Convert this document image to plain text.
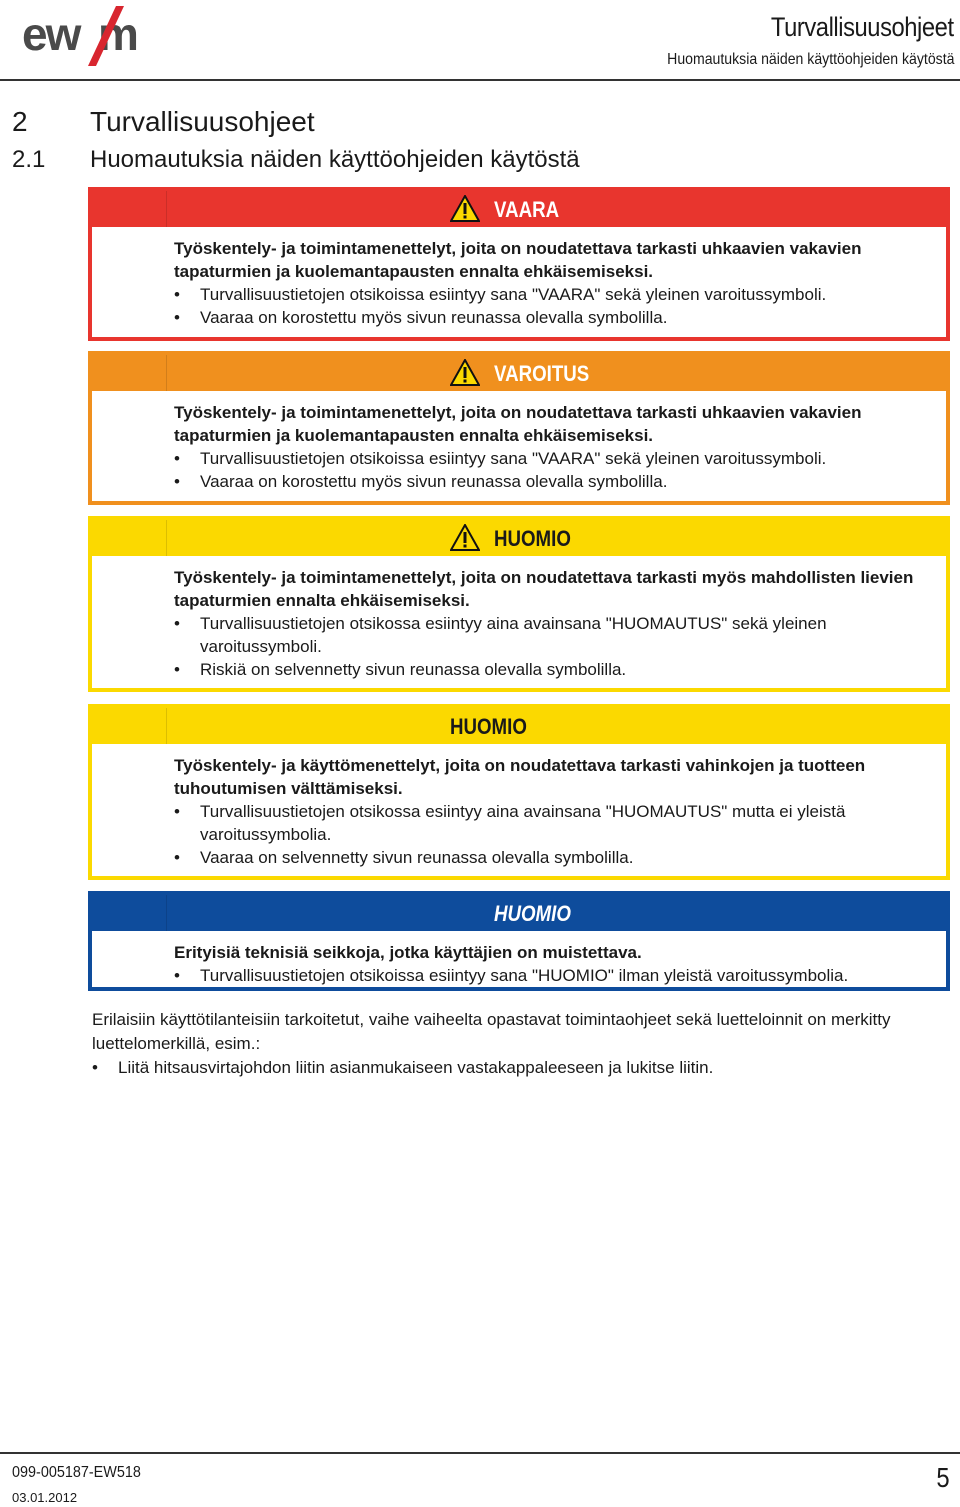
ew m	Turvallisuusohjeet
Huomautuksia näiden käyttöohjeiden käytöstä
2 Turvallisuusohjeet
2.1 Huomautuksia näiden käyttöohjeiden käytöstä
VAARA
Työskentely- ja toimintamenettelyt, joita on noudatettava tarkasti uhkaavien vakavien tapaturmien ja kuolemantapausten ennalta ehkäisemiseksi.
• Turvallisuustietojen otsikoissa esiintyy sana "VAARA" sekä yleinen varoitussymboli.
• Vaaraa on korostettu myös sivun reunassa olevalla symbolilla.
VAROITUS
Työskentely- ja toimintamenettelyt, joita on noudatettava tarkasti uhkaavien vakavien tapaturmien ja kuolemantapausten ennalta ehkäisemiseksi.
• Turvallisuustietojen otsikoissa esiintyy sana "VAARA" sekä yleinen varoitussymboli.
• Vaaraa on korostettu myös sivun reunassa olevalla symbolilla.
HUOMIO
Työskentely- ja toimintamenettelyt, joita on noudatettava tarkasti myös mahdollisten lievien tapaturmien ennalta ehkäisemiseksi.
• Turvallisuustietojen otsikossa esiintyy aina avainsana "HUOMAUTUS" sekä yleinen varoitussymboli.
• Riskiä on selvennetty sivun reunassa olevalla symbolilla.
HUOMIO
Työskentely- ja käyttömenettelyt, joita on noudatettava tarkasti vahinkojen ja tuotteen tuhoutumisen välttämiseksi.
• Turvallisuustietojen otsikossa esiintyy aina avainsana "HUOMAUTUS" mutta ei yleistä varoitussymbolia.
• Vaaraa on selvennetty sivun reunassa olevalla symbolilla.
HUOMIO
Erityisiä teknisiä seikkoja, jotka käyttäjien on muistettava.
• Turvallisuustietojen otsikoissa esiintyy sana "HUOMIO" ilman yleistä varoitussymbolia.
Erilaisiin käyttötilanteisiin tarkoitetut, vaihe vaiheelta opastavat toimintaohjeet sekä luetteloinnit on merkitty luettelomerkillä, esim.:
• Liitä hitsausvirtajohdon liitin asianmukaiseen vastakappaleeseen ja lukitse liitin.
099-005187-EW518
03.01.2012
5
